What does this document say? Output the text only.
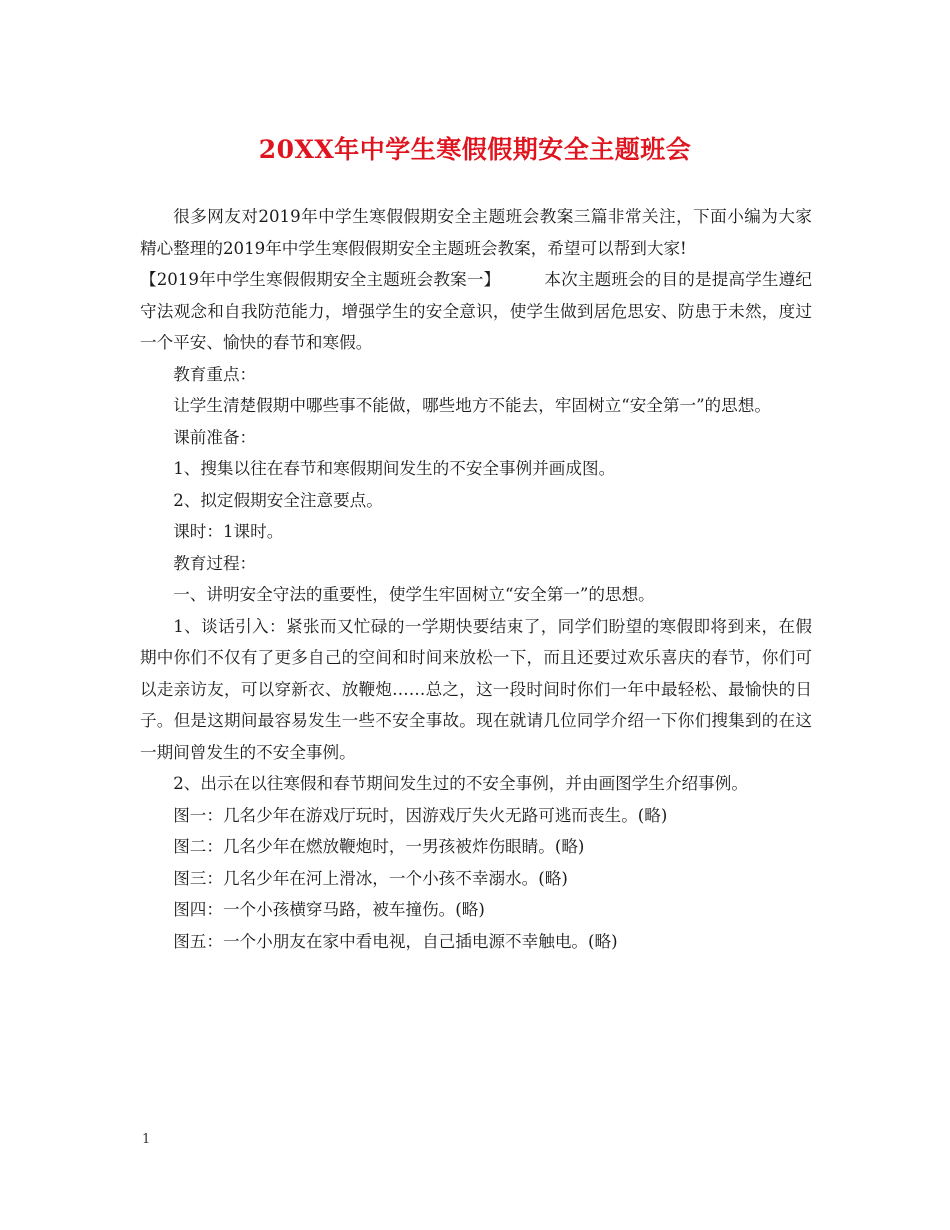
20XX年中学生寒假假期安全主题班会

很多网友对2019年中学生寒假假期安全主题班会教案三篇非常关注，下面小编为大家精心整理的2019年中学生寒假假期安全主题班会教案，希望可以帮到大家!

【2019年中学生寒假假期安全主题班会教案一】	本次主题班会的目的是提高学生遵纪守法观念和自我防范能力，增强学生的安全意识，使学生做到居危思安、防患于未然，度过一个平安、愉快的春节和寒假。

教育重点：

让学生清楚假期中哪些事不能做，哪些地方不能去，牢固树立“安全第一”的思想。

课前准备：

1、搜集以往在春节和寒假期间发生的不安全事例并画成图。

2、拟定假期安全注意要点。

课时：1课时。

教育过程：

一、讲明安全守法的重要性，使学生牢固树立“安全第一”的思想。

1、谈话引入：紧张而又忙碌的一学期快要结束了，同学们盼望的寒假即将到来，在假期中你们不仅有了更多自己的空间和时间来放松一下，而且还要过欢乐喜庆的春节，你们可以走亲访友，可以穿新衣、放鞭炮……总之，这一段时间时你们一年中最轻松、最愉快的日子。但是这期间最容易发生一些不安全事故。现在就请几位同学介绍一下你们搜集到的在这一期间曾发生的不安全事例。

2、出示在以往寒假和春节期间发生过的不安全事例，并由画图学生介绍事例。

图一：几名少年在游戏厅玩时，因游戏厅失火无路可逃而丧生。(略)

图二：几名少年在燃放鞭炮时，一男孩被炸伤眼睛。(略)

图三：几名少年在河上滑冰，一个小孩不幸溺水。(略)

图四：一个小孩横穿马路，被车撞伤。(略)

图五：一个小朋友在家中看电视，自己插电源不幸触电。(略)

1
